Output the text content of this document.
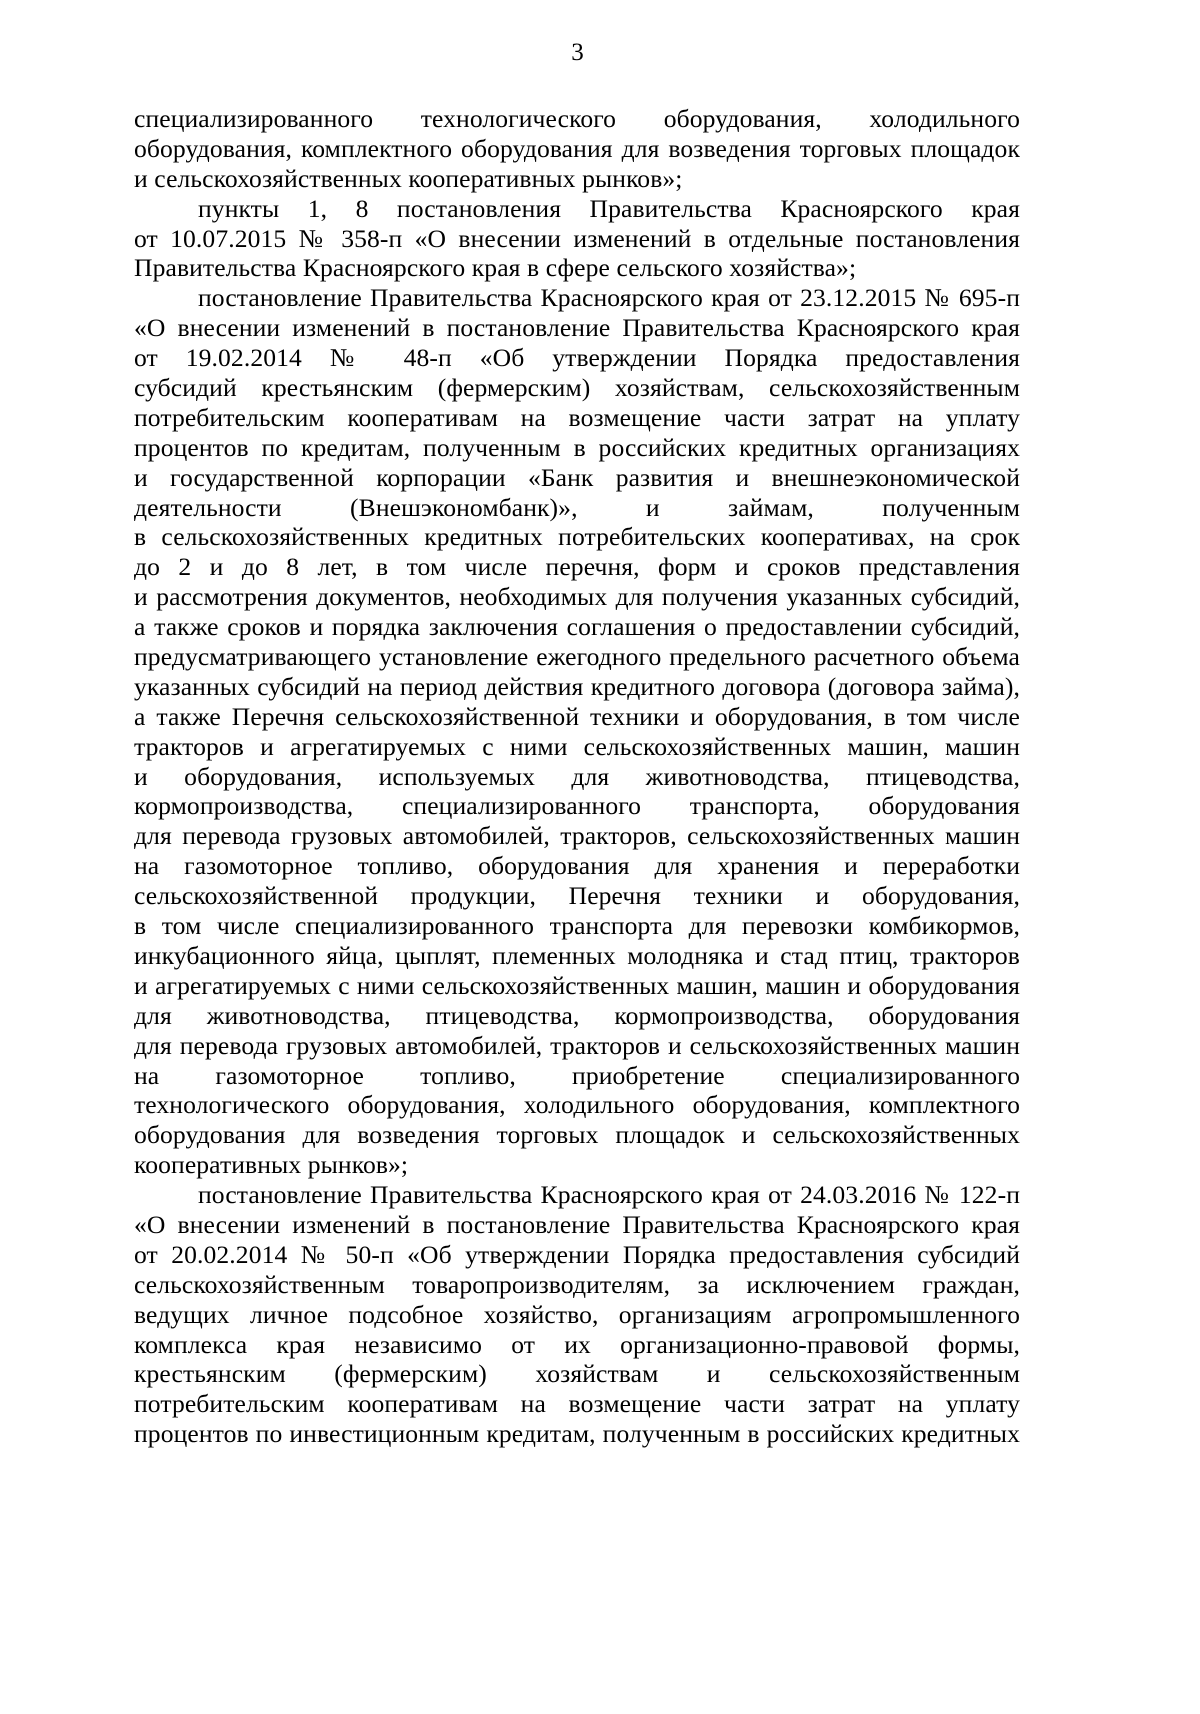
3
специализированного технологического оборудования, холодильного
оборудования, комплектного оборудования для возведения торговых площадок
и сельскохозяйственных кооперативных рынков»;
пункты 1, 8 постановления Правительства Красноярского края
от 10.07.2015 № 358-п «О внесении изменений в отдельные постановления
Правительства Красноярского края в сфере сельского хозяйства»;
постановление Правительства Красноярского края от 23.12.2015 № 695-п
«О внесении изменений в постановление Правительства Красноярского края
от 19.02.2014 № 48-п «Об утверждении Порядка предоставления
субсидий крестьянским (фермерским) хозяйствам, сельскохозяйственным
потребительским кооперативам на возмещение части затрат на уплату
процентов по кредитам, полученным в российских кредитных организациях
и государственной корпорации «Банк развития и внешнеэкономической
деятельности (Внешэкономбанк)», и займам, полученным
в сельскохозяйственных кредитных потребительских кооперативах, на срок
до 2 и до 8 лет, в том числе перечня, форм и сроков представления
и рассмотрения документов, необходимых для получения указанных субсидий,
а также сроков и порядка заключения соглашения о предоставлении субсидий,
предусматривающего установление ежегодного предельного расчетного объема
указанных субсидий на период действия кредитного договора (договора займа),
а также Перечня сельскохозяйственной техники и оборудования, в том числе
тракторов и агрегатируемых с ними сельскохозяйственных машин, машин
и оборудования, используемых для животноводства, птицеводства,
кормопроизводства, специализированного транспорта, оборудования
для перевода грузовых автомобилей, тракторов, сельскохозяйственных машин
на газомоторное топливо, оборудования для хранения и переработки
сельскохозяйственной продукции, Перечня техники и оборудования,
в том числе специализированного транспорта для перевозки комбикормов,
инкубационного яйца, цыплят, племенных молодняка и стад птиц, тракторов
и агрегатируемых с ними сельскохозяйственных машин, машин и оборудования
для животноводства, птицеводства, кормопроизводства, оборудования
для перевода грузовых автомобилей, тракторов и сельскохозяйственных машин
на газомоторное топливо, приобретение специализированного
технологического оборудования, холодильного оборудования, комплектного
оборудования для возведения торговых площадок и сельскохозяйственных
кооперативных рынков»;
постановление Правительства Красноярского края от 24.03.2016 № 122-п
«О внесении изменений в постановление Правительства Красноярского края
от 20.02.2014 № 50-п «Об утверждении Порядка предоставления субсидий
сельскохозяйственным товаропроизводителям, за исключением граждан,
ведущих личное подсобное хозяйство, организациям агропромышленного
комплекса края независимо от их организационно-правовой формы,
крестьянским (фермерским) хозяйствам и сельскохозяйственным
потребительским кооперативам на возмещение части затрат на уплату
процентов по инвестиционным кредитам, полученным в российских кредитных
